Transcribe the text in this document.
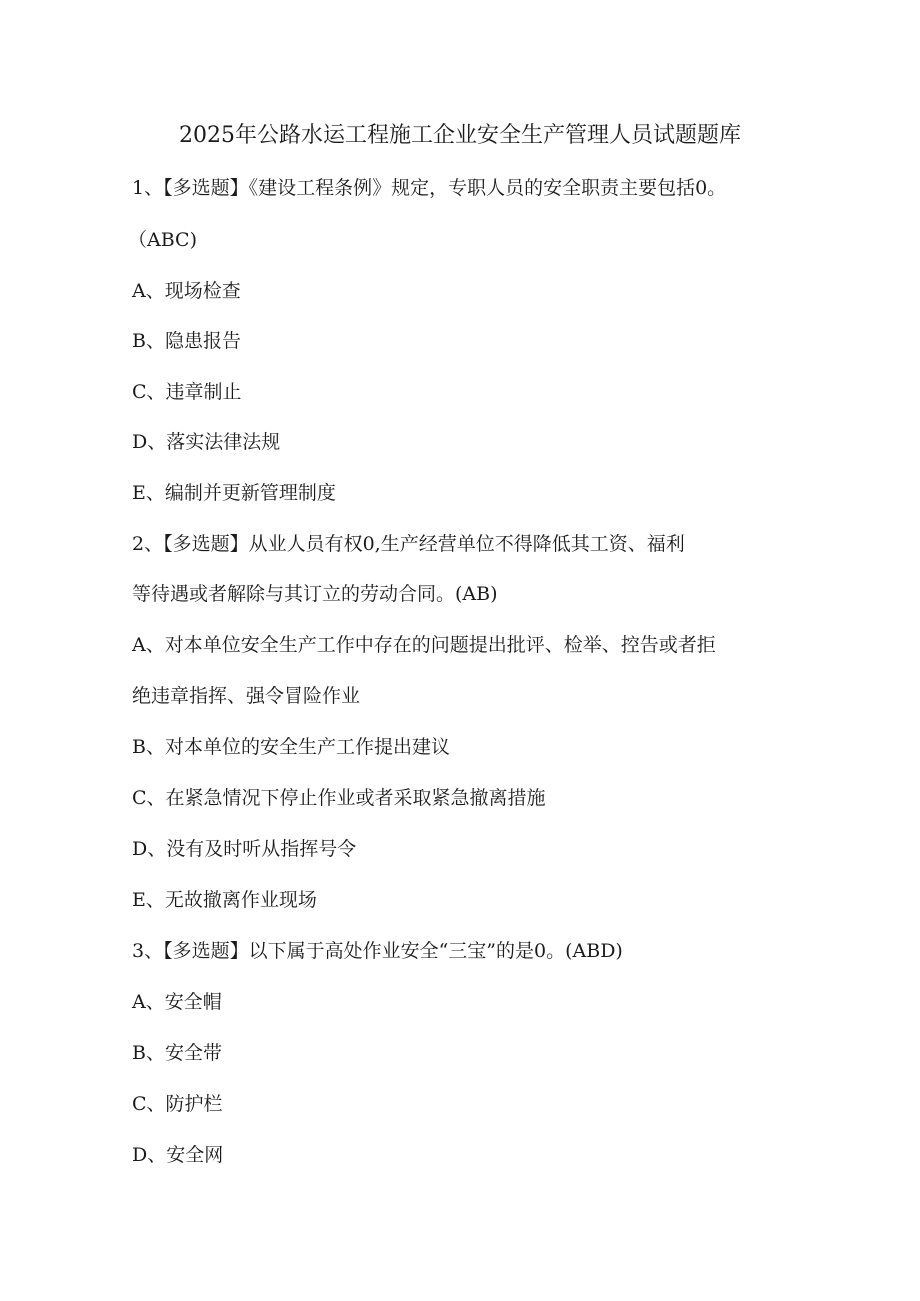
2025年公路水运工程施工企业安全生产管理人员试题题库
1、【多选题】《建设工程条例》规定，专职人员的安全职责主要包括0。
（ABC)
A、现场检查
B、隐患报告
C、违章制止
D、落实法律法规
E、编制并更新管理制度
2、【多选题】从业人员有权0,生产经营单位不得降低其工资、福利
等待遇或者解除与其订立的劳动合同。(AB)
A、对本单位安全生产工作中存在的问题提出批评、检举、控告或者拒
绝违章指挥、强令冒险作业
B、对本单位的安全生产工作提出建议
C、在紧急情况下停止作业或者采取紧急撤离措施
D、没有及时听从指挥号令
E、无故撤离作业现场
3、【多选题】以下属于高处作业安全“三宝”的是0。(ABD)
A、安全帽
B、安全带
C、防护栏
D、安全网
